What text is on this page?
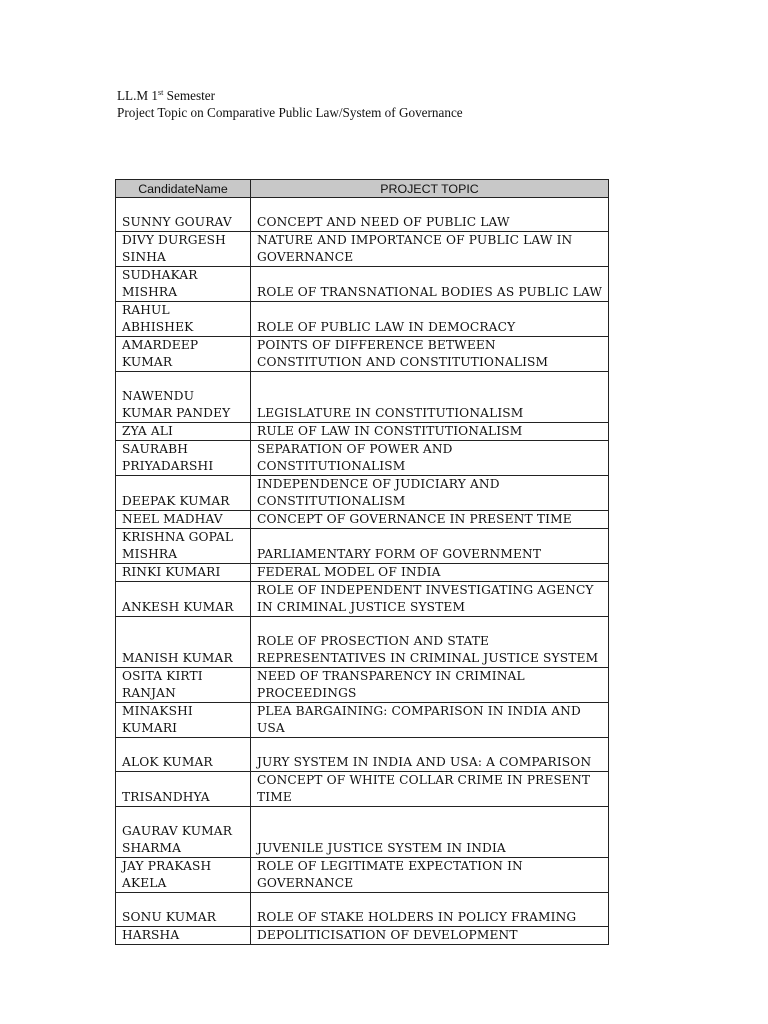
LL.M 1st Semester
Project Topic on Comparative Public Law/System of Governance
CandidateName	PROJECT TOPIC
SUNNY GOURAV	CONCEPT AND NEED OF PUBLIC LAW
DIVY DURGESH SINHA	NATURE AND IMPORTANCE OF PUBLIC LAW IN GOVERNANCE
SUDHAKAR MISHRA	ROLE OF TRANSNATIONAL BODIES AS PUBLIC LAW
RAHUL ABHISHEK	ROLE OF PUBLIC LAW IN DEMOCRACY
AMARDEEP KUMAR	POINTS OF DIFFERENCE BETWEEN CONSTITUTION AND CONSTITUTIONALISM
NAWENDU KUMAR PANDEY	LEGISLATURE IN CONSTITUTIONALISM
ZYA ALI	RULE OF LAW IN CONSTITUTIONALISM
SAURABH PRIYADARSHI	SEPARATION OF POWER AND CONSTITUTIONALISM
DEEPAK KUMAR	INDEPENDENCE OF JUDICIARY AND CONSTITUTIONALISM
NEEL MADHAV	CONCEPT OF GOVERNANCE IN PRESENT TIME
KRISHNA GOPAL MISHRA	PARLIAMENTARY FORM OF GOVERNMENT
RINKI KUMARI	FEDERAL MODEL OF INDIA
ANKESH KUMAR	ROLE OF INDEPENDENT INVESTIGATING AGENCY IN CRIMINAL JUSTICE SYSTEM
MANISH KUMAR	ROLE OF PROSECTION AND STATE REPRESENTATIVES IN CRIMINAL JUSTICE SYSTEM
OSITA KIRTI RANJAN	NEED OF TRANSPARENCY IN CRIMINAL PROCEEDINGS
MINAKSHI KUMARI	PLEA BARGAINING: COMPARISON IN INDIA AND USA
ALOK KUMAR	JURY SYSTEM IN INDIA AND USA: A COMPARISON
TRISANDHYA	CONCEPT OF WHITE COLLAR CRIME IN PRESENT TIME
GAURAV KUMAR SHARMA	JUVENILE JUSTICE SYSTEM IN INDIA
JAY PRAKASH AKELA	ROLE OF LEGITIMATE EXPECTATION IN GOVERNANCE
SONU KUMAR	ROLE OF STAKE HOLDERS IN POLICY FRAMING
HARSHA	DEPOLITICISATION OF DEVELOPMENT
